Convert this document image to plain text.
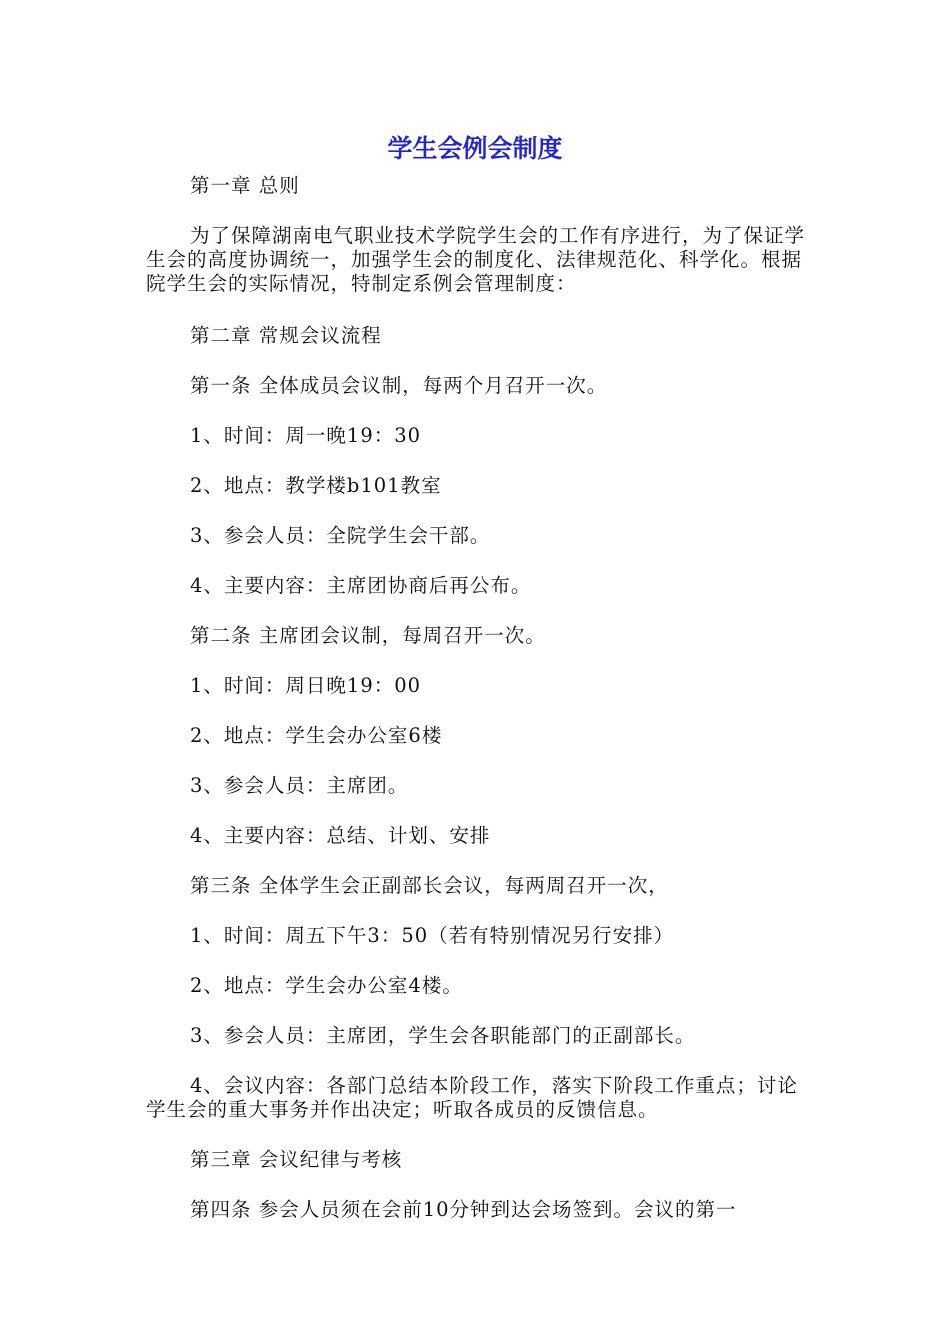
学生会例会制度

第一章 总则

为了保障湖南电气职业技术学院学生会的工作有序进行，为了保证学生会的高度协调统一，加强学生会的制度化、法律规范化、科学化。根据院学生会的实际情况，特制定系例会管理制度：

第二章 常规会议流程

第一条 全体成员会议制，每两个月召开一次。

1、时间：周一晚19：30

2、地点：教学楼b101教室

3、参会人员：全院学生会干部。

4、主要内容：主席团协商后再公布。

第二条 主席团会议制，每周召开一次。

1、时间：周日晚19：00

2、地点：学生会办公室6楼

3、参会人员：主席团。

4、主要内容：总结、计划、安排

第三条 全体学生会正副部长会议，每两周召开一次，

1、时间：周五下午3：50（若有特别情况另行安排）

2、地点：学生会办公室4楼。

3、参会人员：主席团，学生会各职能部门的正副部长。

4、会议内容：各部门总结本阶段工作，落实下阶段工作重点；讨论学生会的重大事务并作出决定；听取各成员的反馈信息。

第三章 会议纪律与考核

第四条 参会人员须在会前10分钟到达会场签到。会议的第一
